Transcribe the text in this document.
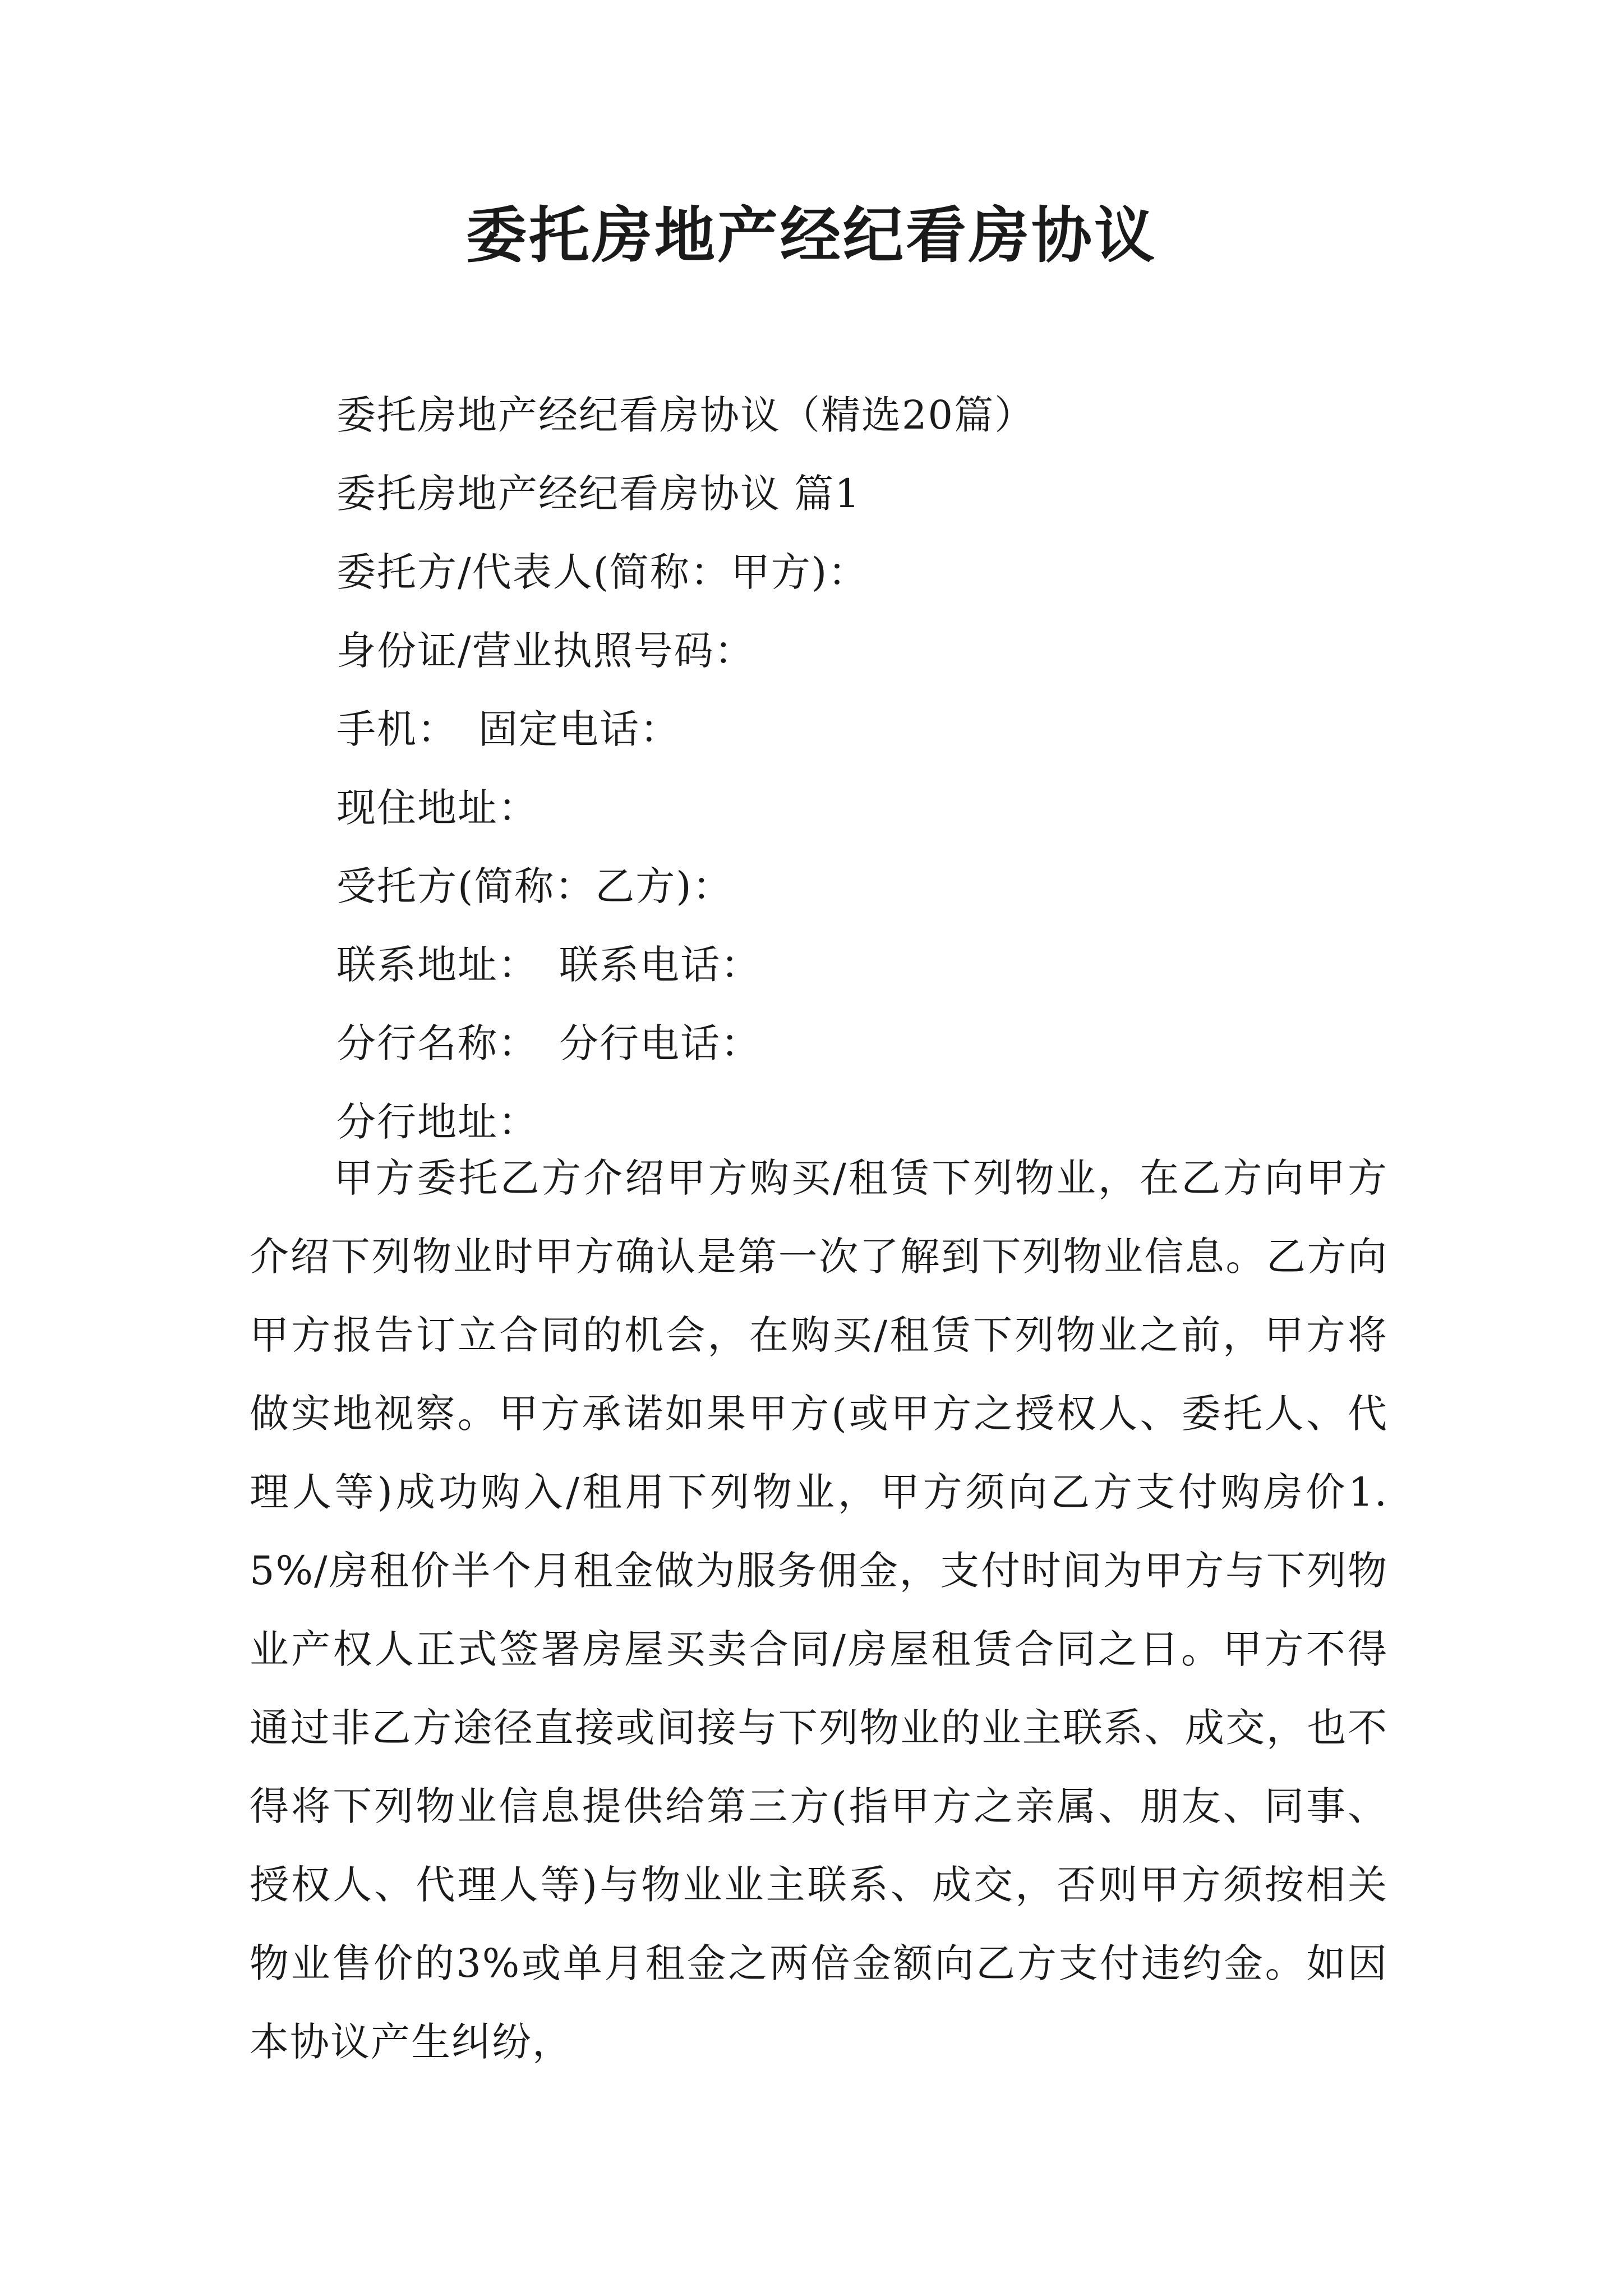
委托房地产经纪看房协议
委托房地产经纪看房协议（精选20篇）
委托房地产经纪看房协议 篇1
委托方/代表人(简称：甲方)：
身份证/营业执照号码：
手机：　固定电话：
现住地址：
受托方(简称：乙方)：
联系地址：　联系电话：
分行名称：　分行电话：
分行地址：

甲方委托乙方介绍甲方购买/租赁下列物业，在乙方向甲方介绍下列物业时甲方确认是第一次了解到下列物业信息。乙方向甲方报告订立合同的机会，在购买/租赁下列物业之前，甲方将做实地视察。甲方承诺如果甲方(或甲方之授权人、委托人、代理人等)成功购入/租用下列物业，甲方须向乙方支付购房价1.5%/房租价半个月租金做为服务佣金，支付时间为甲方与下列物业产权人正式签署房屋买卖合同/房屋租赁合同之日。甲方不得通过非乙方途径直接或间接与下列物业的业主联系、成交，也不得将下列物业信息提供给第三方(指甲方之亲属、朋友、同事、授权人、代理人等)与物业业主联系、成交，否则甲方须按相关物业售价的3%或单月租金之两倍金额向乙方支付违约金。如因本协议产生纠纷，
